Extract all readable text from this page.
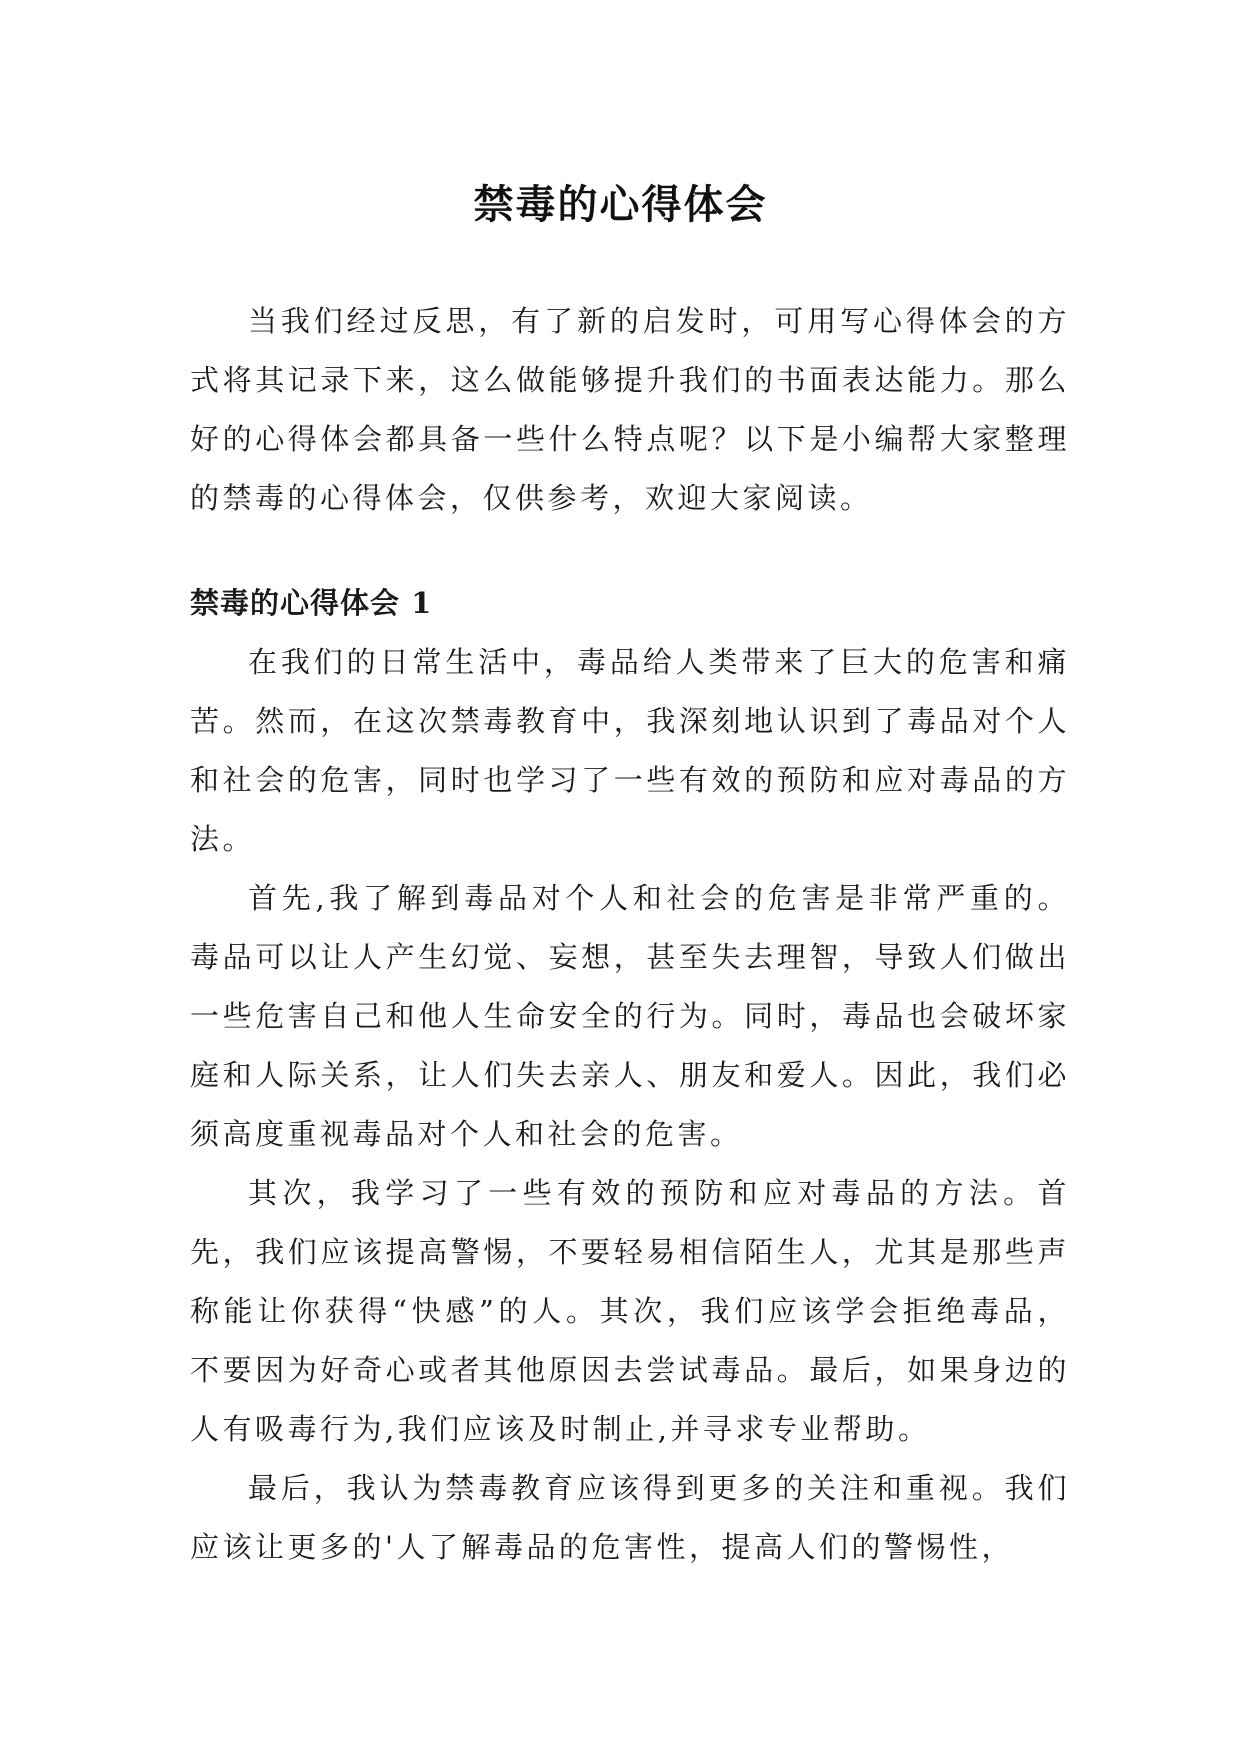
禁毒的心得体会

当我们经过反思，有了新的启发时，可用写心得体会的方式将其记录下来，这么做能够提升我们的书面表达能力。那么好的心得体会都具备一些什么特点呢？以下是小编帮大家整理的禁毒的心得体会，仅供参考，欢迎大家阅读。

禁毒的心得体会 1

在我们的日常生活中，毒品给人类带来了巨大的危害和痛苦。然而，在这次禁毒教育中，我深刻地认识到了毒品对个人和社会的危害，同时也学习了一些有效的预防和应对毒品的方法。

首先,我了解到毒品对个人和社会的危害是非常严重的。毒品可以让人产生幻觉、妄想，甚至失去理智，导致人们做出一些危害自己和他人生命安全的行为。同时，毒品也会破坏家庭和人际关系，让人们失去亲人、朋友和爱人。因此，我们必须高度重视毒品对个人和社会的危害。

其次，我学习了一些有效的预防和应对毒品的方法。首先，我们应该提高警惕，不要轻易相信陌生人，尤其是那些声称能让你获得“快感”的人。其次，我们应该学会拒绝毒品，不要因为好奇心或者其他原因去尝试毒品。最后，如果身边的人有吸毒行为,我们应该及时制止,并寻求专业帮助。

最后，我认为禁毒教育应该得到更多的关注和重视。我们应该让更多的'人了解毒品的危害性，提高人们的警惕性，
